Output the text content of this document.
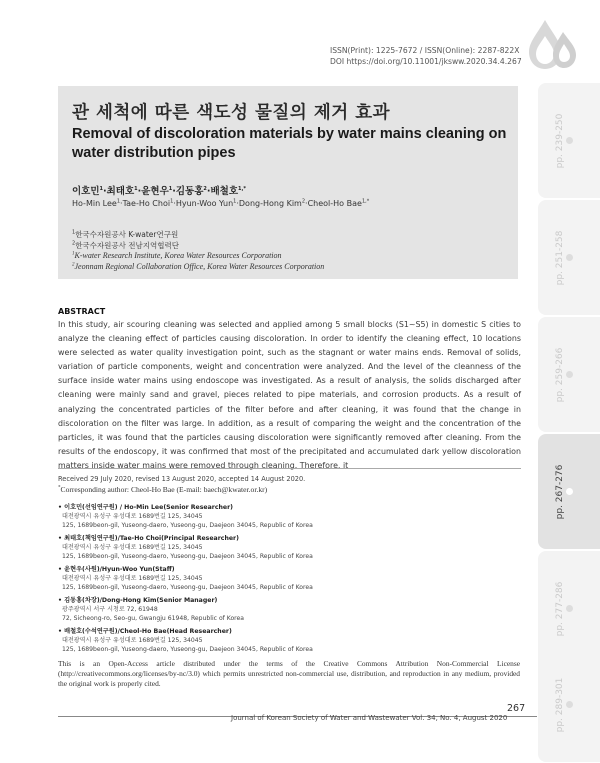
ISSN(Print): 1225-7672 / ISSN(Online): 2287-822X
DOI https://doi.org/10.11001/jksww.2020.34.4.267
관 세척에 따른 색도성 물질의 제거 효과
Removal of discoloration materials by water mains cleaning on
water distribution pipes
이호민$^1$·최태호$^1$·윤현우$^1$·김동홍$^2$·배철호$^{1,*}$
Ho-Min Lee$^1$·Tae-Ho Choi$^1$·Hyun-Woo Yun$^1$·Dong-Hong Kim$^2$·Cheol-Ho Bae$^{1,*}$
$^1$한국수자원공사 K-water연구원
$^2$한국수자원공사 전남지역협력단
$^1$K-water Research Institute, Korea Water Resources Corporation
$^2$Jeonnam Regional Collaboration Office, Korea Water Resources Corporation
ABSTRACT
In this study, air scouring cleaning was selected and applied among 5 small blocks (S1~S5) in domestic S cities to analyze the cleaning effect of particles causing discoloration. In order to identify the cleaning effect, 10 locations were selected as water quality investigation point, such as the stagnant or water mains ends. Removal of solids, variation of particle components, weight and concentration were analyzed. And the level of the cleanness of the surface inside water mains using endoscope was investigated. As a result of analysis, the solids discharged after cleaning were mainly sand and gravel, pieces related to pipe materials, and corrosion products. As a result of analyzing the concentrated particles of the filter before and after cleaning, it was found that the change in discoloration on the filter was large. In addition, as a result of comparing the weight and the concentration of the particles, it was found that the particles causing discoloration were significantly removed after cleaning. From the results of the endoscopy, it was confirmed that most of the precipitated and accumulated dark yellow discoloration matters inside water mains were removed through cleaning. Therefore, it
Received 29 July 2020, revised 13 August 2020, accepted 14 August 2020.
*Corresponding author: Cheol-Ho Bae (E-mail: baech@kwater.or.kr)
• 이호민(선임연구원) / Ho-Min Lee(Senior Researcher)
대전광역시 유성구 유성대로 1689번길 125, 34045
125, 1689beon-gil, Yuseong-daero, Yuseong-gu, Daejeon 34045, Republic of Korea
• 최태호(책임연구원)/Tae-Ho Choi(Principal Researcher)
대전광역시 유성구 유성대로 1689번길 125, 34045
125, 1689beon-gil, Yuseong-daero, Yuseong-gu, Daejeon 34045, Republic of Korea
• 윤현우(사원)/Hyun-Woo Yun(Staff)
대전광역시 유성구 유성대로 1689번길 125, 34045
125, 1689beon-gil, Yuseong-daero, Yuseong-gu, Daejeon 34045, Republic of Korea
• 김동홍(차장)/Dong-Hong Kim(Senior Manager)
광주광역시 서구 시청로 72, 61948
72, Sicheong-ro, Seo-gu, Gwangju 61948, Republic of Korea
• 배철호(수석연구원)/Cheol-Ho Bae(Head Researcher)
대전광역시 유성구 유성대로 1689번길 125, 34045
125, 1689beon-gil, Yuseong-daero, Yuseong-gu, Daejeon 34045, Republic of Korea
This is an Open-Access article distributed under the terms of the Creative Commons Attribution Non-Commercial License (http://creativecommons.org/licenses/by-nc/3.0) which permits unrestricted non-commercial use, distribution, and reproduction in any medium, provided the original work is properly cited.
267
Journal of Korean Society of Water and Wastewater Vol. 34, No. 4, August 2020
pp. 239-250
pp. 251-258
pp. 259-266
pp. 267-276
pp. 277-286
pp. 289-301
